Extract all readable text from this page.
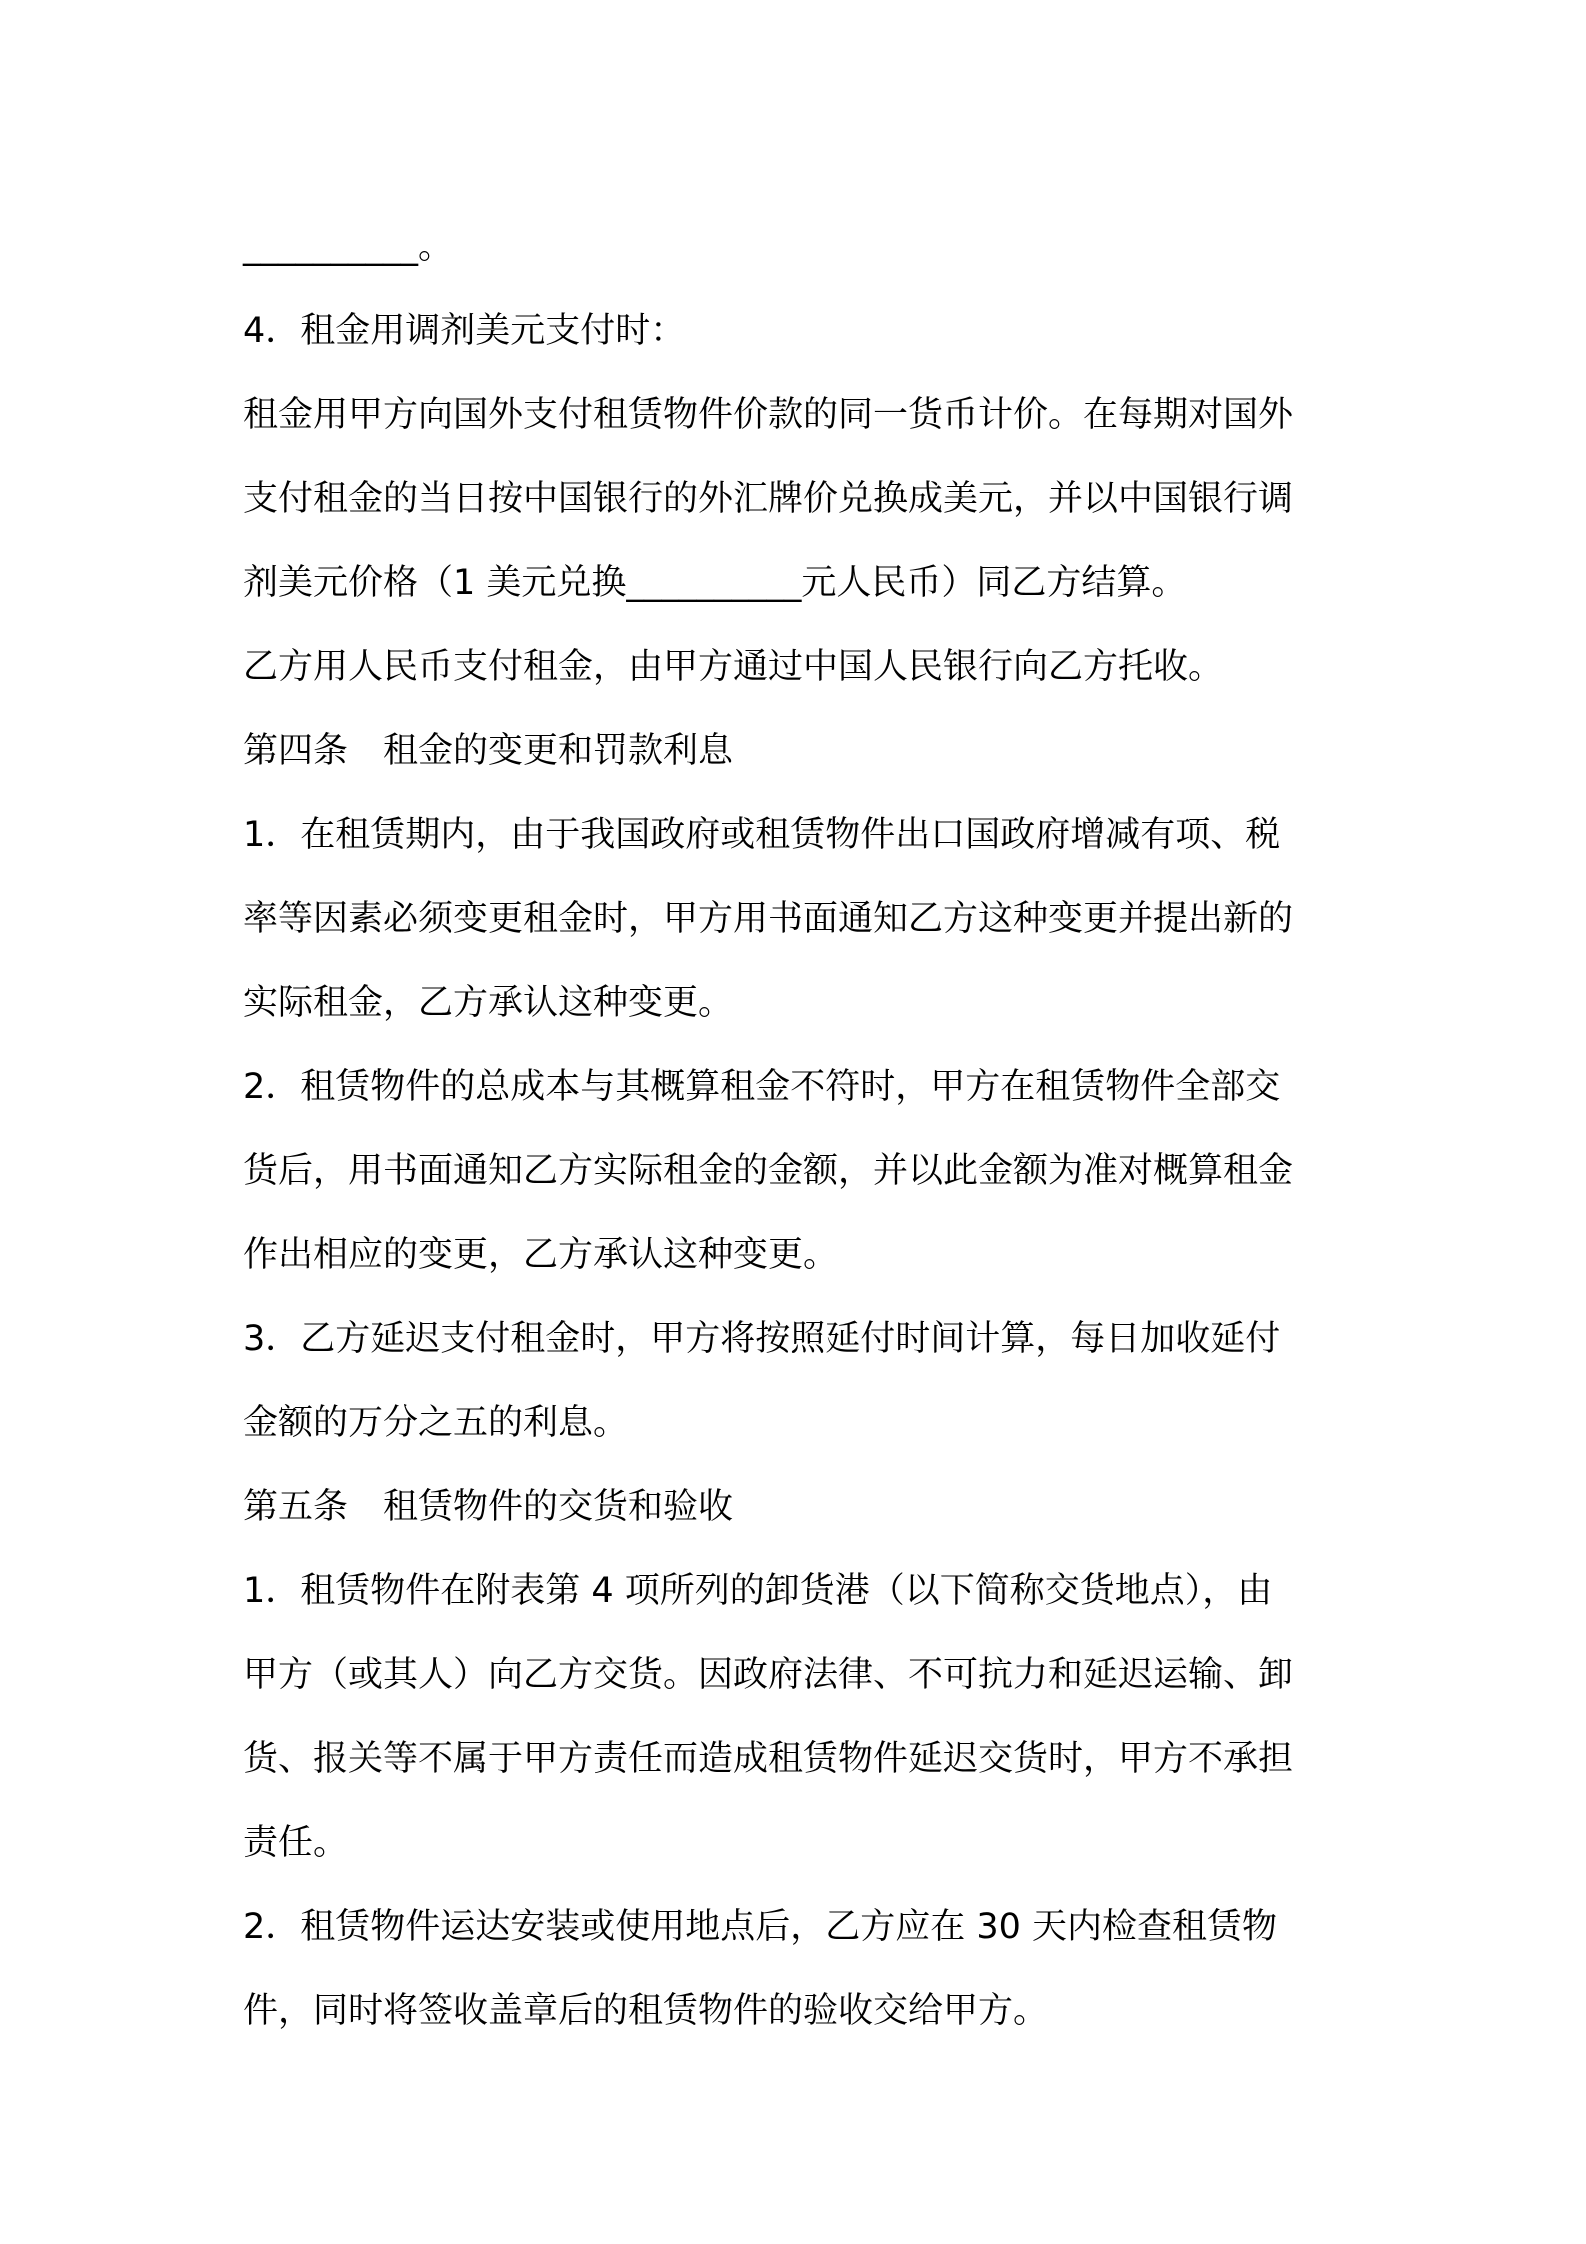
__________。
4．租金用调剂美元支付时：
租金用甲方向国外支付租赁物件价款的同一货币计价。在每期对国外
支付租金的当日按中国银行的外汇牌价兑换成美元，并以中国银行调
剂美元价格（1 美元兑换__________元人民币）同乙方结算。
乙方用人民币支付租金，由甲方通过中国人民银行向乙方托收。
第四条　租金的变更和罚款利息
1．在租赁期内，由于我国政府或租赁物件出口国政府增减有项、税
率等因素必须变更租金时，甲方用书面通知乙方这种变更并提出新的
实际租金，乙方承认这种变更。
2．租赁物件的总成本与其概算租金不符时，甲方在租赁物件全部交
货后，用书面通知乙方实际租金的金额，并以此金额为准对概算租金
作出相应的变更，乙方承认这种变更。
3．乙方延迟支付租金时，甲方将按照延付时间计算，每日加收延付
金额的万分之五的利息。
第五条　租赁物件的交货和验收
1．租赁物件在附表第 4 项所列的卸货港（以下简称交货地点），由
甲方（或其人）向乙方交货。因政府法律、不可抗力和延迟运输、卸
货、报关等不属于甲方责任而造成租赁物件延迟交货时，甲方不承担
责任。
2．租赁物件运达安装或使用地点后，乙方应在 30 天内检查租赁物
件，同时将签收盖章后的租赁物件的验收交给甲方。
